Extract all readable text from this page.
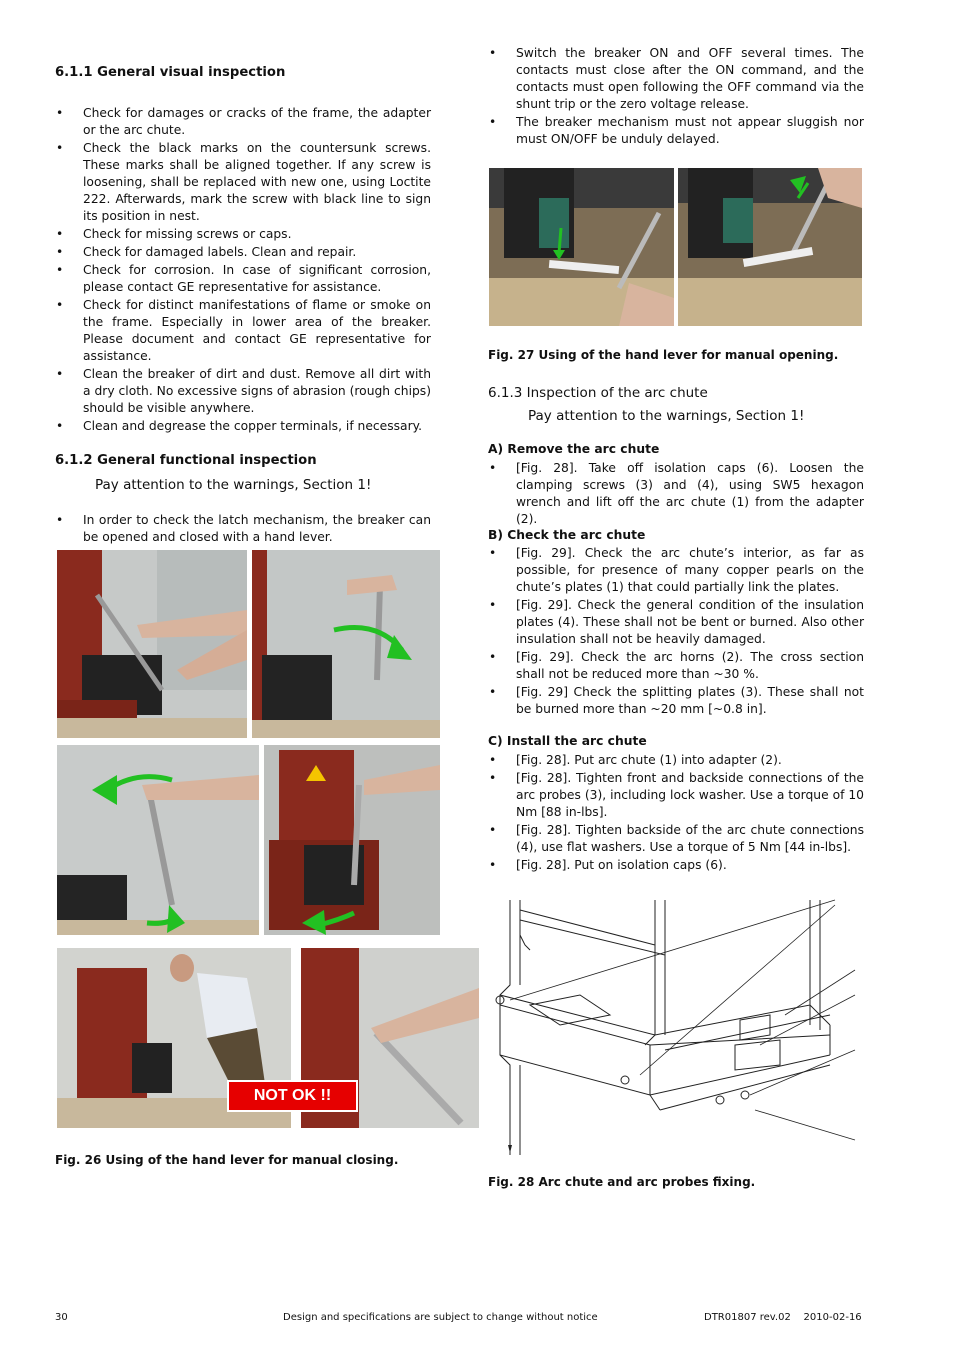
6.1.1 General visual inspection
• Check for damages or cracks of the frame, the adapter or the arc chute.
• Check the black marks on the countersunk screws. These marks shall be aligned together. If any screw is loosening, shall be replaced with new one, using Loctite 222. Afterwards, mark the screw with black line to sign its position in nest.
• Check for missing screws or caps.
• Check for damaged labels. Clean and repair.
• Check for corrosion. In case of significant corrosion, please contact GE representative for assistance.
• Check for distinct manifestations of flame or smoke on the frame. Especially in lower area of the breaker. Please document and contact GE representative for assistance.
• Clean the breaker of dirt and dust. Remove all dirt with a dry cloth. No excessive signs of abrasion (rough chips) should be visible anywhere.
• Clean and degrease the copper terminals, if necessary.
6.1.2 General functional inspection
Pay attention to the warnings, Section 1!
• In order to check the latch mechanism, the breaker can be opened and closed with a hand lever.
NOT OK !!
Fig. 26 Using of the hand lever for manual closing.
• Switch the breaker ON and OFF several times. The contacts must close after the ON command, and the contacts must open following the OFF command via the shunt trip or the zero voltage release.
• The breaker mechanism must not appear sluggish nor must ON/OFF be unduly delayed.
Fig. 27 Using of the hand lever for manual opening.
6.1.3 Inspection of the arc chute
Pay attention to the warnings, Section 1!
A) Remove the arc chute
• [Fig. 28]. Take off isolation caps (6). Loosen the clamping screws (3) and (4), using SW5 hexagon wrench and lift off the arc chute (1) from the adapter (2).
B) Check the arc chute
• [Fig. 29]. Check the arc chute’s interior, as far as possible, for presence of many copper pearls on the chute’s plates (1) that could partially link the plates.
• [Fig. 29]. Check the general condition of the insulation plates (4). These shall not be bent or burned. Also other insulation shall not be heavily damaged.
• [Fig. 29]. Check the arc horns (2). The cross section shall not be reduced more than ~30 %.
• [Fig. 29] Check the splitting plates (3). These shall not be burned more than ~20 mm [~0.8 in].
C) Install the arc chute
• [Fig. 28]. Put arc chute (1) into adapter (2).
• [Fig. 28]. Tighten front and backside connections of the arc probes (3), including lock washer. Use a torque of 10 Nm [88 in-lbs].
• [Fig. 28]. Tighten backside of the arc chute connections (4), use flat washers. Use a torque of 5 Nm [44 in-lbs].
• [Fig. 28]. Put on isolation caps (6).
Fig. 28 Arc chute and arc probes fixing.
30	Design and specifications are subject to change without notice	DTR01807 rev.02    2010-02-16
